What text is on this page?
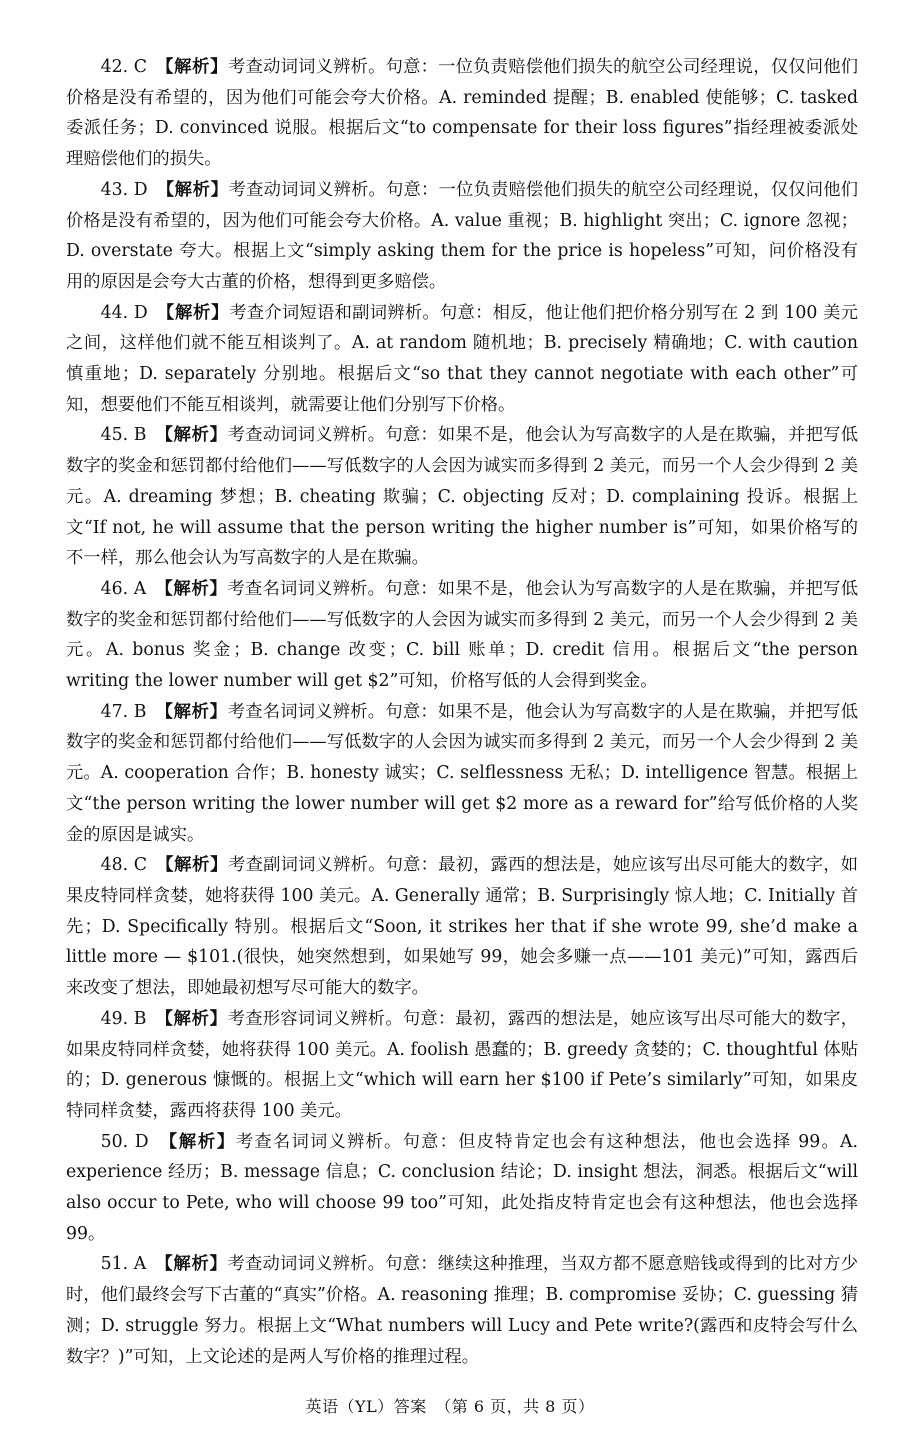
42. C　 【解析】考查动词词义辨析。句意：一位负责赔偿他们损失的航空公司经理说，仅仅问他们价格是没有希望的，因为他们可能会夸大价格。A. reminded 提醒；B. enabled 使能够；C. tasked 委派任务；D. convinced 说服。根据后文“to compensate for their loss figures”指经理被委派处理赔偿他们的损失。

43. D　 【解析】考查动词词义辨析。句意：一位负责赔偿他们损失的航空公司经理说，仅仅问他们价格是没有希望的，因为他们可能会夸大价格。A. value 重视；B. highlight 突出；C. ignore 忽视；D. overstate 夸大。根据上文“simply asking them for the price is hopeless”可知，问价格没有用的原因是会夸大古董的价格，想得到更多赔偿。

44. D　 【解析】考查介词短语和副词辨析。句意：相反，他让他们把价格分别写在 2 到 100 美元之间，这样他们就不能互相谈判了。A. at random 随机地；B. precisely 精确地；C. with caution 慎重地；D. separately 分别地。根据后文“so that they cannot negotiate with each other”可知，想要他们不能互相谈判，就需要让他们分别写下价格。

45. B　 【解析】考查动词词义辨析。句意：如果不是，他会认为写高数字的人是在欺骗，并把写低数字的奖金和惩罚都付给他们——写低数字的人会因为诚实而多得到 2 美元，而另一个人会少得到 2 美元。A. dreaming 梦想；B. cheating 欺骗；C. objecting 反对；D. complaining 投诉。根据上文“If not, he will assume that the person writing the higher number is”可知，如果价格写的不一样，那么他会认为写高数字的人是在欺骗。

46. A　 【解析】考查名词词义辨析。句意：如果不是，他会认为写高数字的人是在欺骗，并把写低数字的奖金和惩罚都付给他们——写低数字的人会因为诚实而多得到 2 美元，而另一个人会少得到 2 美元。A. bonus 奖金；B. change 改变；C. bill 账单；D. credit 信用。根据后文“the person writing the lower number will get $2”可知，价格写低的人会得到奖金。

47. B　 【解析】考查名词词义辨析。句意：如果不是，他会认为写高数字的人是在欺骗，并把写低数字的奖金和惩罚都付给他们——写低数字的人会因为诚实而多得到 2 美元，而另一个人会少得到 2 美元。A. cooperation 合作；B. honesty 诚实；C. selflessness 无私；D. intelligence 智慧。根据上文“the person writing the lower number will get $2 more as a reward for”给写低价格的人奖金的原因是诚实。

48. C　 【解析】考查副词词义辨析。句意：最初，露西的想法是，她应该写出尽可能大的数字，如果皮特同样贪婪，她将获得 100 美元。A. Generally 通常；B. Surprisingly 惊人地；C. Initially 首先；D. Specifically 特别。根据后文“Soon, it strikes her that if she wrote 99, she’d make a little more — $101.(很快，她突然想到，如果她写 99，她会多赚一点——101 美元)”可知，露西后来改变了想法，即她最初想写尽可能大的数字。

49. B　 【解析】考查形容词词义辨析。句意：最初，露西的想法是，她应该写出尽可能大的数字，如果皮特同样贪婪，她将获得 100 美元。A. foolish 愚蠢的；B. greedy 贪婪的；C. thoughtful 体贴的；D. generous 慷慨的。根据上文“which will earn her $100 if Pete’s similarly”可知，如果皮特同样贪婪，露西将获得 100 美元。

50. D　 【解析】考查名词词义辨析。句意：但皮特肯定也会有这种想法，他也会选择 99。A. experience 经历；B. message 信息；C. conclusion 结论；D. insight 想法，洞悉。根据后文“will also occur to Pete, who will choose 99 too”可知，此处指皮特肯定也会有这种想法，他也会选择 99。

51. A　 【解析】考查动词词义辨析。句意：继续这种推理，当双方都不愿意赔钱或得到的比对方少时，他们最终会写下古董的“真实”价格。A. reasoning 推理；B. compromise 妥协；C. guessing 猜测；D. struggle 努力。根据上文“What numbers will Lucy and Pete write?(露西和皮特会写什么数字？)”可知，上文论述的是两人写价格的推理过程。

英语（YL）答案　（第 6 页，共 8 页）
